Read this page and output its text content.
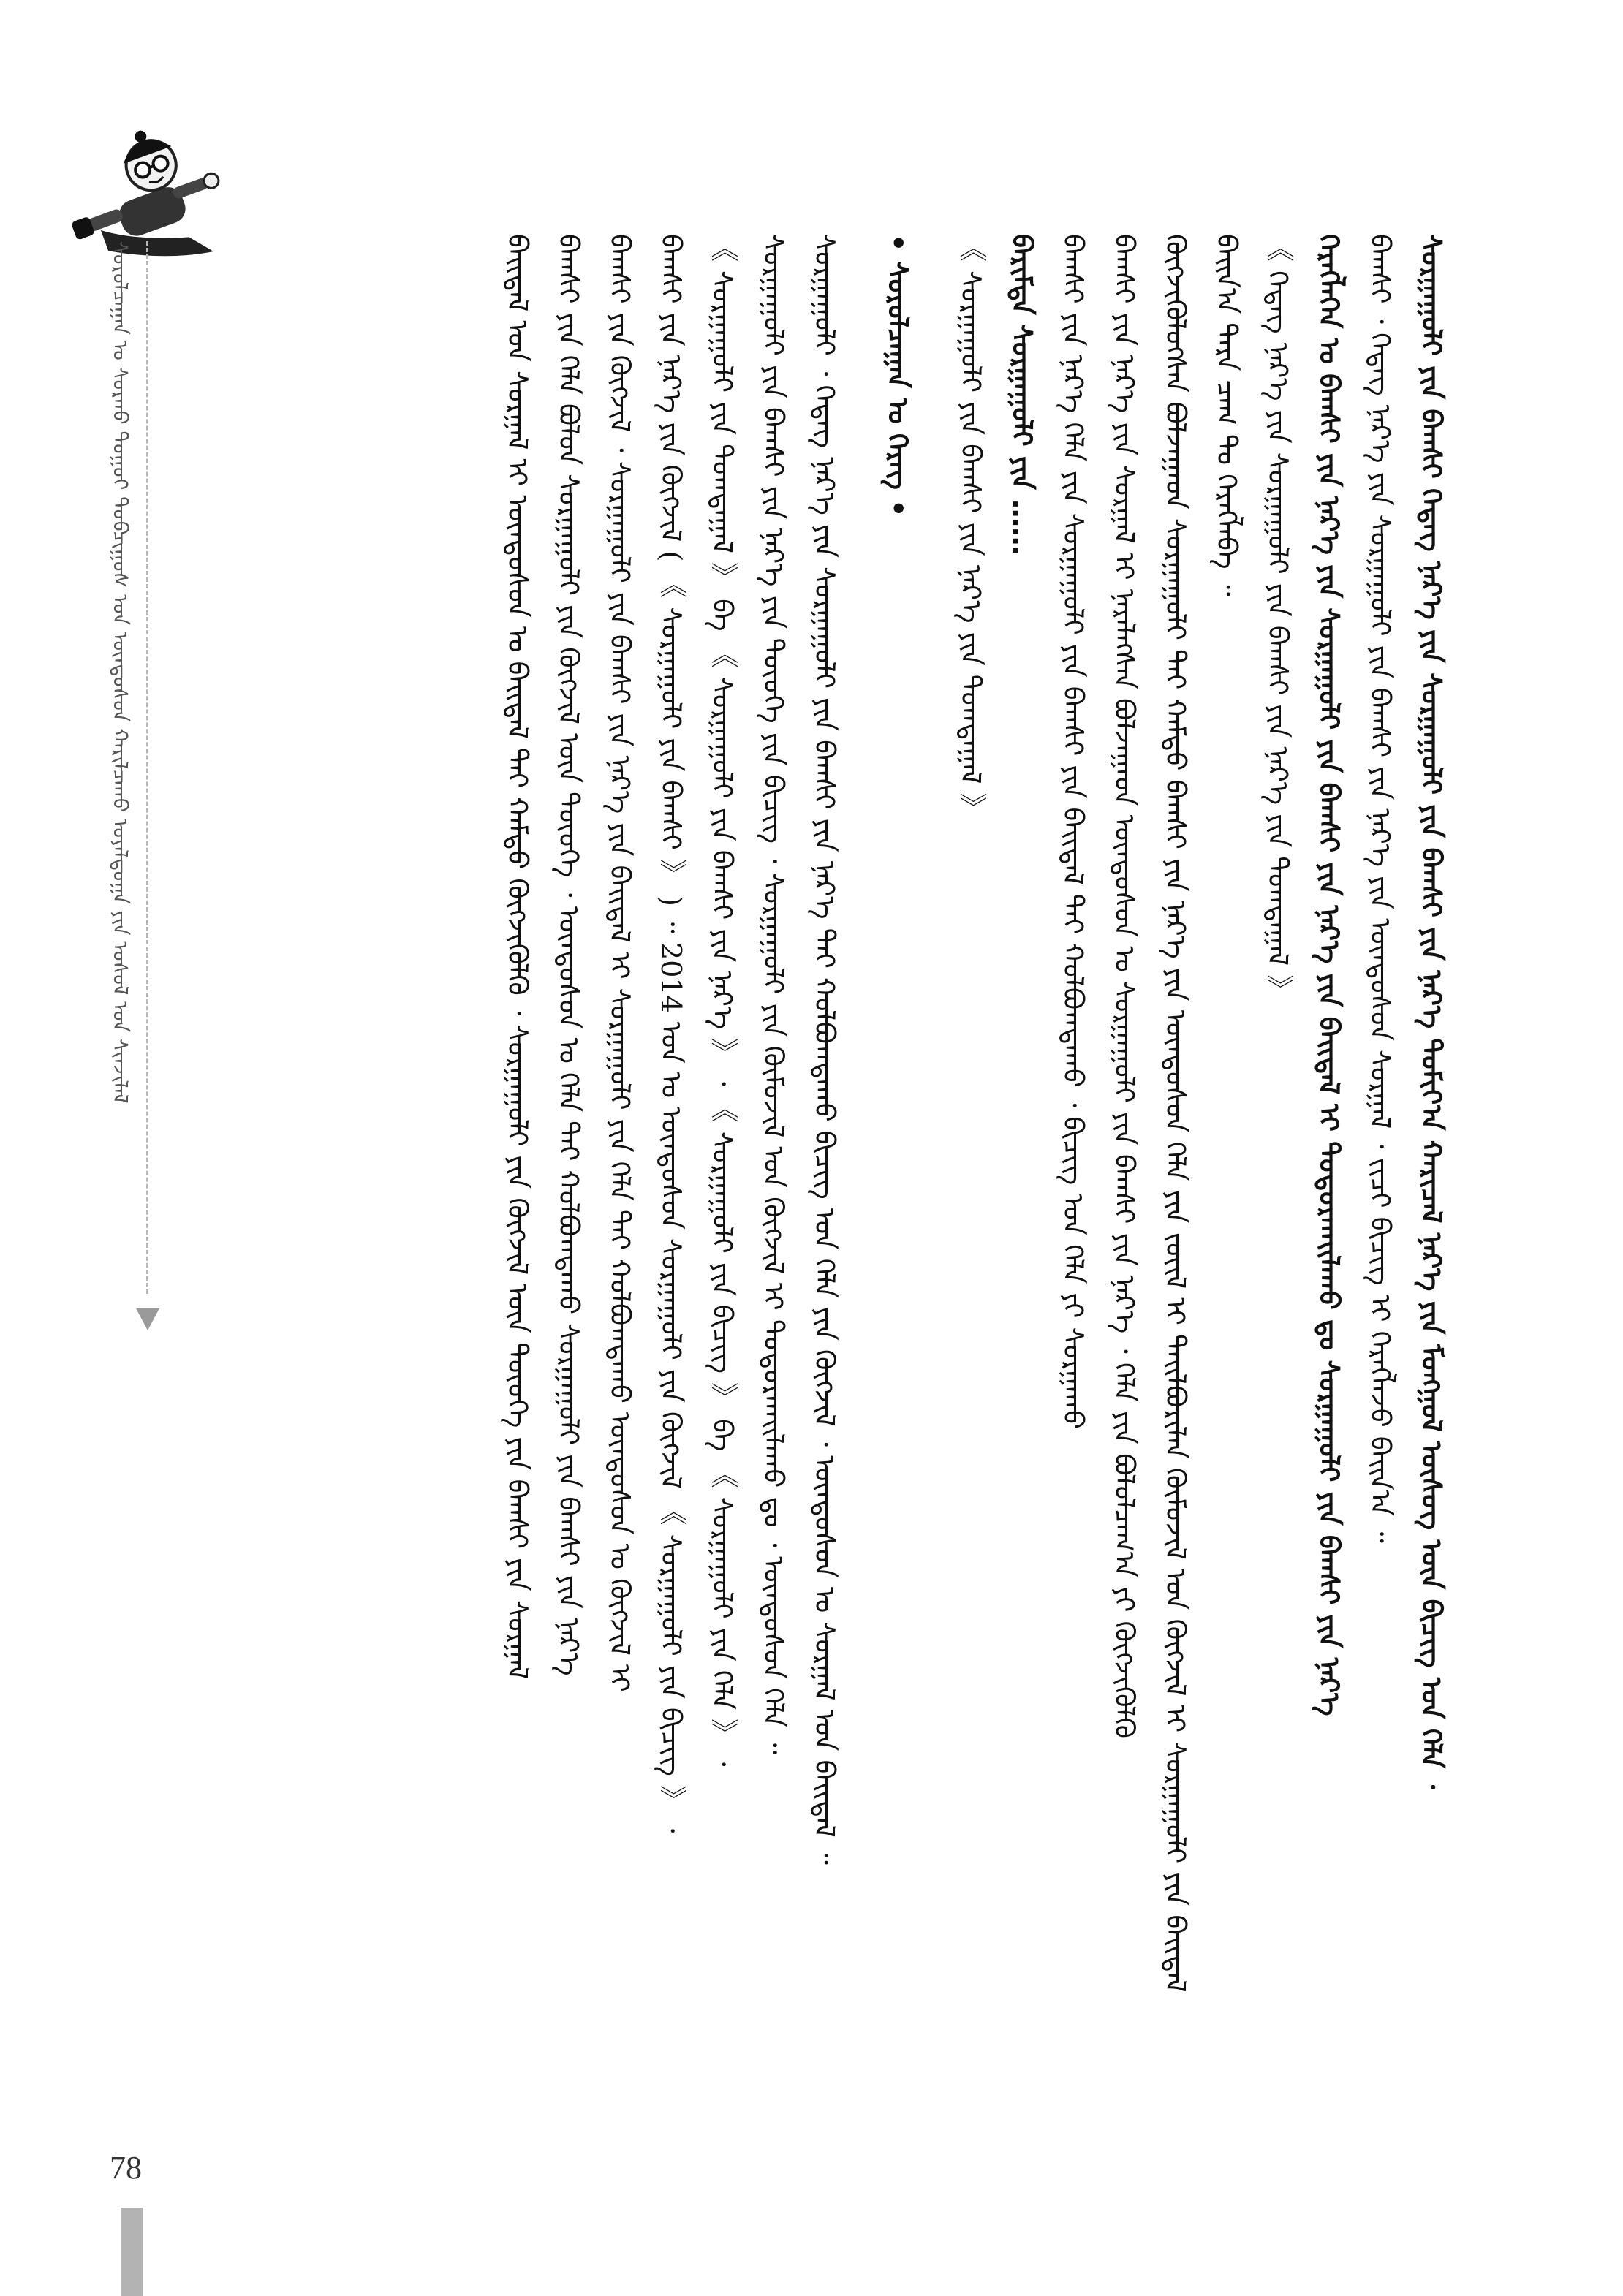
ᠰᠤᠷᠤᠯᠴᠠᠭᠠᠨ ᠤ ᠰᠤᠷᠬᠤ ᠳᠤᠭᠤᠢ ᠲᠤᠪᠴᠢᠭᠤᠰ ᠤᠨ ᠦᠨᠳᠦᠰᠦᠨ ᠬᠠᠷᠢᠯᠴᠠᠬᠤ ᠤᠶᠠᠯᠳᠤᠭᠠ ᠶᠢᠨ ᠤᠰᠤᠯ ᠤᠨ ᠰᠢᠨᠵᠢᠯᠡᠯ	ᠰᠤᠷᠭᠠᠭᠤᠯᠢ ᠶᠢᠨ ᠪᠠᠭᠰᠢ ᠭᠡᠳᠡᠭ ᠨᠡᠷ᠎ᠡ ᠶᠢᠨ ᠰᠤᠷᠭᠠᠭᠤᠯᠢ ᠶᠢᠨ ᠪᠠᠭᠰᠢ ᠶᠢᠨ ᠨᠡᠷ᠎ᠡ ᠲᠣᠮᠢᠶ᠎ᠠ ᠬᠠᠷᠢᠴᠠᠯ ᠨᠡᠷ᠎ᠡ ᠶᠢᠨ ᠮᠣᠩᠭᠣᠯ ᠦᠰᠦᠭ ᠦᠨ ᠪᠢᠴᠢᠭ ᠤᠨ ᠬᠡᠯᠡ ᠂
ᠪᠠᠭᠰᠢ ᠂ ᠭᠡᠳᠡᠭ ᠨᠡᠷ᠎ᠡ ᠶᠢᠨ ᠰᠤᠷᠭᠠᠭᠤᠯᠢ ᠶᠢᠨ ᠪᠠᠭᠰᠢ ᠶᠢᠨ ᠨᠡᠷ᠎ᠡ ᠶᠢᠨ ᠦᠨᠳᠦᠰᠦᠨ ᠰᠤᠷᠭᠠᠯ ᠂ ᠵᠢᠴᠢ ᠪᠢᠴᠢᠭ᠌ ᠢ ᠬᠡᠷᠡᠭᠯᠡᠵᠦ ᠪᠠᠢᠨ᠎ᠠ ᠃
ᠬᠡᠷᠡᠭᠯᠡᠭᠡᠨ ᠤ ᠪᠠᠭᠰᠢ ᠶᠢᠨ ᠨᠡᠷ᠎ᠡ ᠶᠢᠨ ᠰᠤᠷᠭᠠᠭᠤᠯᠢ ᠶᠢᠨ ᠪᠠᠭᠰᠢ ᠶᠢᠨ ᠨᠡᠷ᠎ᠡ ᠶᠢᠨ ᠪᠠᠢᠳᠠᠯ ᠢ ᠲᠣᠳᠣᠷᠬᠠᠢᠯᠠᠬᠤ ᠳᠤ ᠰᠤᠷᠭᠠᠭᠤᠯᠢ ᠶᠢᠨ ᠪᠠᠭᠰᠢ ᠶᠢᠨ ᠨᠡᠷ᠎ᠡ
《 ᠭᠡᠳᠡᠭ ᠨᠡᠷ᠎ᠡ ᠶᠢᠨ ᠰᠤᠷᠭᠠᠭᠤᠯᠢ ᠶᠢᠨ ᠪᠠᠭᠰᠢ ᠶᠢᠨ ᠨᠡᠷ᠎ᠡ ᠶᠢᠨ ᠲᠣᠭᠲᠠᠭᠠᠯ 》
ᠪᠠᠢᠨ᠎ᠠ ᠲᠡᠷᠡ ᠴᠠᠭ ᠲᠤ ᠬᠡᠷᠡᠭᠯᠡᠪᠡ ᠃
ᠬᠥᠭᠵᠢᠭᠦᠯᠦᠭᠰᠡᠨ ᠪᠣᠯᠵᠠᠭᠠᠳ ᠰᠤᠷᠭᠠᠭᠤᠯᠢ ᠲᠠᠢ ᠬᠠᠮᠲᠤ ᠪᠠᠭᠰᠢ ᠶᠢᠨ ᠨᠡᠷ᠎ᠡ ᠶᠢᠨ ᠦᠨᠳᠦᠰᠦᠨ ᠬᠡᠯᠡ ᠶᠢᠨ ᠵᠦᠢᠯ ᠢ ᠲᠠᠢᠯᠪᠤᠷᠢᠯᠠᠨ ᠬᠦᠮᠦᠵᠢᠯ ᠤᠨ ᠬᠥᠭᠵᠢᠯ ᠢ ᠰᠤᠷᠭᠠᠭᠤᠯᠢ ᠶᠢᠨ ᠪᠠᠢᠳᠠᠯ
ᠪᠠᠭᠰᠢ ᠶᠢᠨ ᠨᠡᠷ᠎ᠡ ᠶᠢᠨ ᠰᠤᠷᠭᠠᠯ ᠢ ᠨᠡᠷᠡᠯᠡᠭᠰᠡᠨ ᠪᠣᠯᠵᠠᠭᠠᠳ ᠦᠨᠳᠦᠰᠦᠨ ᠤ ᠰᠤᠷᠭᠠᠭᠤᠯᠢ ᠶᠢᠨ ᠪᠠᠭᠰᠢ ᠶᠢᠨ ᠨᠡᠷ᠎ᠡ ᠂ ᠬᠡᠯᠡ ᠶᠢᠨ ᠪᠣᠯᠣᠯᠴᠠᠭ᠎ᠠ ᠶᠢ ᠬᠥᠭᠵᠢᠭᠦᠯᠬᠦ
ᠪᠠᠭᠰᠢ ᠶᠢᠨ ᠨᠡᠷ᠎ᠡ ᠬᠡᠯᠡ ᠶᠢᠨ ᠰᠤᠷᠭᠠᠭᠤᠯᠢ ᠶᠢᠨ ᠪᠠᠭᠰᠢ ᠶᠢᠨ ᠪᠠᠢᠳᠠᠯ ᠲᠠᠢ ᠬᠣᠯᠪᠣᠭᠳᠠᠬᠤ ᠂ ᠪᠢᠴᠢᠭ ᠤᠨ ᠬᠡᠯᠡ ᠶᠢ ᠰᠤᠷᠭᠠᠬᠤ
ᠪᠠᠷᠢᠮᠲᠠ ᠰᠤᠷᠭᠠᠭᠤᠯᠢ ᠶᠢᠨ ……
《 ᠰᠤᠷᠭᠠᠭᠤᠯᠢ ᠶᠢᠨ ᠪᠠᠭᠰᠢ ᠶᠢᠨ ᠨᠡᠷ᠎ᠡ ᠶᠢᠨ ᠲᠣᠭᠲᠠᠭᠠᠯ 》
• ᠰᠤᠷᠤᠯᠴᠠᠭᠠᠨ ᠤ ᠬᠡᠷᠡᠭ •
ᠰᠤᠷᠭᠠᠭᠤᠯᠢ ᠂ ᠭᠡᠳᠡᠭ ᠨᠡᠷ᠎ᠡ ᠶᠢᠨ ᠰᠤᠷᠭᠠᠭᠤᠯᠢ ᠶᠢᠨ ᠪᠠᠭᠰᠢ ᠶᠢᠨ ᠨᠡᠷ᠎ᠡ ᠲᠠᠢ ᠬᠣᠯᠪᠣᠭᠳᠠᠬᠤ ᠪᠢᠴᠢᠭ ᠤᠨ ᠬᠡᠯᠡ ᠶᠢᠨ ᠬᠥᠭᠵᠢᠯ ᠂ ᠦᠨᠳᠦᠰᠦᠨ ᠤ ᠰᠤᠷᠭᠠᠯ ᠤᠨ ᠪᠠᠢᠳᠠᠯ ᠃
ᠰᠤᠷᠭᠠᠭᠤᠯᠢ ᠶᠢᠨ ᠪᠠᠭᠰᠢ ᠶᠢᠨ ᠨᠡᠷ᠎ᠡ ᠶᠢᠨ ᠲᠦᠦᠬᠡ ᠶᠢᠨ ᠪᠢᠴᠢᠭ ᠂ ᠰᠤᠷᠭᠠᠭᠤᠯᠢ ᠶᠢᠨ ᠬᠦᠮᠦᠵᠢᠯ ᠤᠨ ᠬᠥᠭᠵᠢᠯ ᠢ ᠲᠣᠳᠣᠷᠬᠠᠢᠯᠠᠬᠤ ᠳᠤ ᠂ ᠦᠨᠳᠦᠰᠦᠨ ᠬᠡᠯᠡ ᠃
《 ᠰᠤᠷᠭᠠᠭᠤᠯᠢ ᠶᠢᠨ ᠲᠣᠭᠲᠠᠭᠠᠯ 》 ᠪᠠ 《 ᠰᠤᠷᠭᠠᠭᠤᠯᠢ ᠶᠢᠨ ᠪᠠᠭᠰᠢ ᠶᠢᠨ ᠨᠡᠷ᠎ᠡ 》 ᠂ 《 ᠰᠤᠷᠭᠠᠭᠤᠯᠢ ᠶᠢᠨ ᠪᠢᠴᠢᠭ 》 ᠪᠠ 《 ᠰᠤᠷᠭᠠᠭᠤᠯᠢ ᠶᠢᠨ ᠬᠡᠯᠡ 》 ᠂
ᠪᠠᠭᠰᠢ ᠶᠢᠨ ᠨᠡᠷ᠎ᠡ ᠶᠢᠨ ᠬᠥᠭᠵᠢᠯ ( 《 ᠰᠤᠷᠭᠠᠭᠤᠯᠢ ᠶᠢᠨ ᠪᠠᠭᠰᠢ 》 ) ᠃ 2014 ᠣᠨ ᠤ ᠦᠨᠳᠦᠰᠦᠨ ᠰᠤᠷᠭᠠᠭᠤᠯᠢ ᠶᠢᠨ ᠬᠥᠭᠵᠢᠯ 《 ᠰᠤᠷᠭᠠᠭᠤᠯᠢ ᠶᠢᠨ ᠪᠢᠴᠢᠭ 》 ᠂
ᠪᠠᠭᠰᠢ ᠶᠢᠨ ᠬᠥᠭᠵᠢᠯ ᠂ ᠰᠤᠷᠭᠠᠭᠤᠯᠢ ᠶᠢᠨ ᠪᠠᠭᠰᠢ ᠶᠢᠨ ᠨᠡᠷ᠎ᠡ ᠶᠢᠨ ᠪᠠᠢᠳᠠᠯ ᠢ ᠰᠤᠷᠭᠠᠭᠤᠯᠢ ᠶᠢᠨ ᠬᠡᠯᠡ ᠲᠠᠢ ᠬᠣᠯᠪᠣᠭᠳᠠᠬᠤ ᠦᠨᠳᠦᠰᠦᠨ ᠤ ᠬᠥᠭᠵᠢᠯ ᠢ
ᠪᠠᠭᠰᠢ ᠶᠢᠨ ᠬᠡᠯᠡ ᠪᠣᠯᠣᠨ ᠰᠤᠷᠭᠠᠭᠤᠯᠢ ᠶᠢᠨ ᠬᠥᠭᠵᠢᠯ ᠦᠨ ᠲᠦᠦᠬᠡ ᠂ ᠦᠨᠳᠦᠰᠦᠨ ᠤ ᠬᠡᠯᠡ ᠲᠠᠢ ᠬᠣᠯᠪᠣᠭᠳᠠᠬᠤ ᠰᠤᠷᠭᠠᠭᠤᠯᠢ ᠶᠢᠨ ᠪᠠᠭᠰᠢ ᠶᠢᠨ ᠨᠡᠷ᠎ᠡ
ᠪᠠᠢᠳᠠᠯ ᠤᠨ ᠰᠤᠷᠭᠠᠯ ᠢ ᠦᠨᠳᠦᠰᠦᠨ ᠤ ᠪᠠᠢᠳᠠᠯ ᠲᠠᠢ ᠬᠠᠮᠲᠤ ᠬᠥᠭᠵᠢᠭᠦᠯᠬᠦ ᠂ ᠰᠤᠷᠭᠠᠭᠤᠯᠢ ᠶᠢᠨ ᠬᠥᠭᠵᠢᠯ ᠦᠨ ᠲᠦᠦᠬᠡ ᠶᠢᠨ ᠪᠠᠭᠰᠢ ᠶᠢᠨ ᠰᠤᠷᠭᠠᠯ
78
